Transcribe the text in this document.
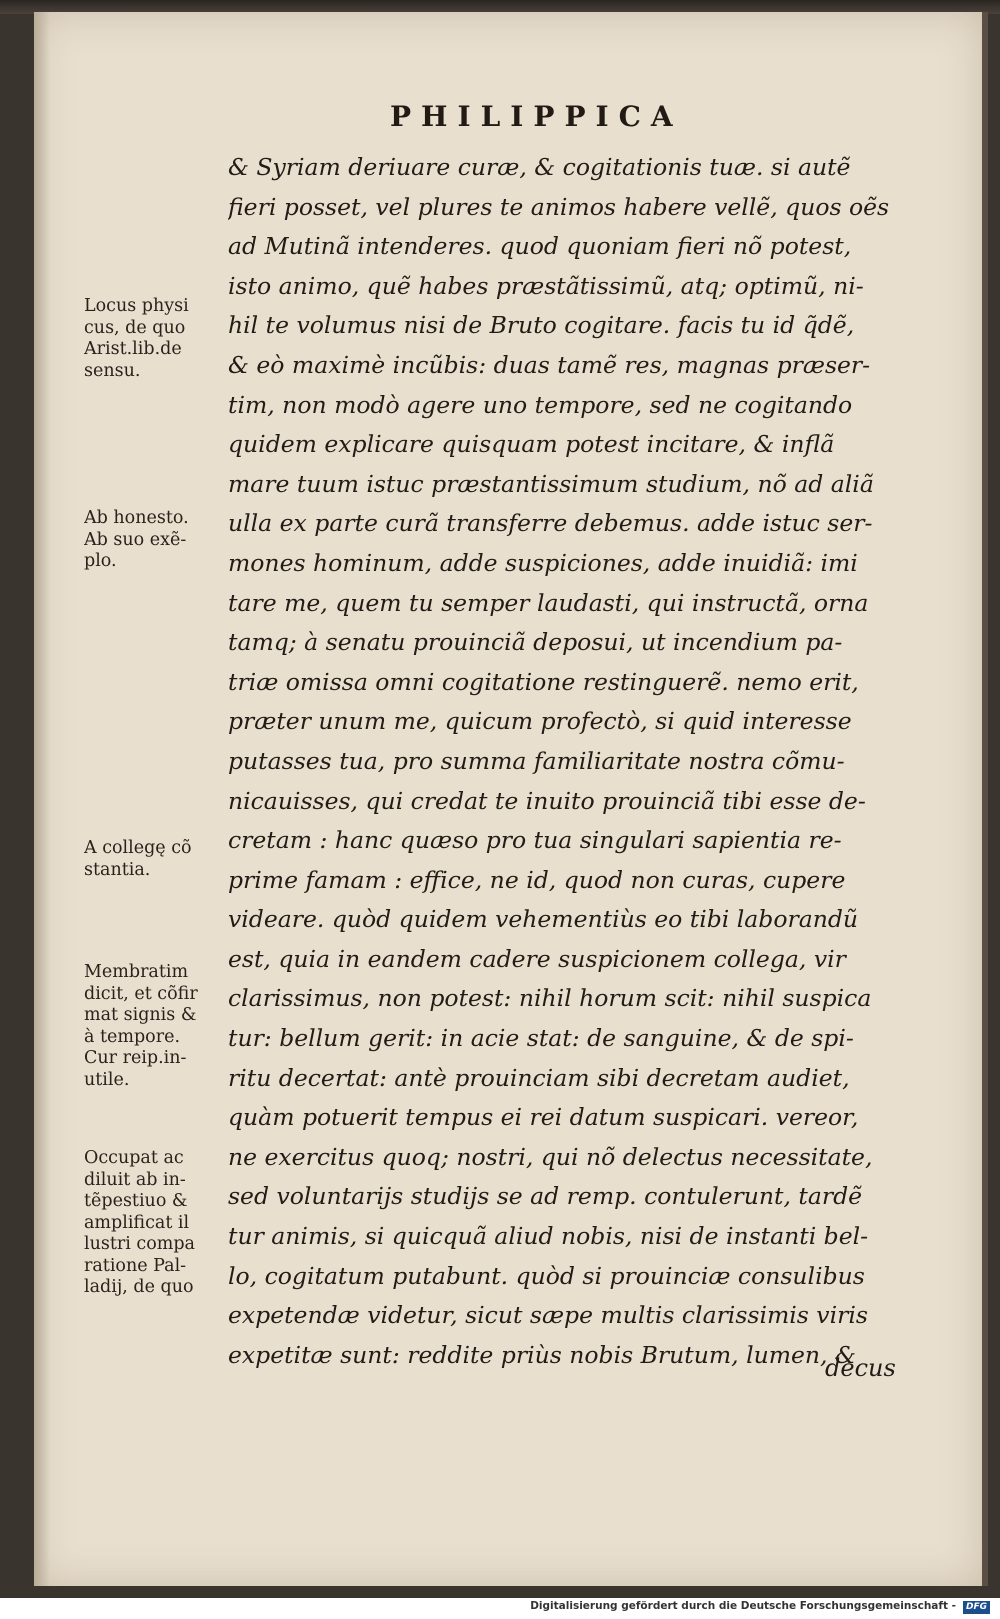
PHILIPPICA
& Syriam deriuare curæ, & cogitationis tuæ. si autẽ
fieri posset, vel plures te animos habere vellẽ, quos oẽs
ad Mutinã intenderes. quod quoniam fieri nõ potest,
isto animo, quẽ habes præstãtissimũ, atq; optimũ, ni-
hil te volumus nisi de Bruto cogitare. facis tu id q̃dẽ,
& eò maximè incũbis: duas tamẽ res, magnas præser-
tim, non modò agere uno tempore, sed ne cogitando
quidem explicare quisquam potest incitare, & inflã
mare tuum istuc præstantissimum studium, nõ ad aliã
ulla ex parte curã transferre debemus. adde istuc ser-
mones hominum, adde suspiciones, adde inuidiã: imi
tare me, quem tu semper laudasti, qui instructã, orna
tamq; à senatu prouinciã deposui, ut incendium pa-
triæ omissa omni cogitatione restinguerẽ. nemo erit,
præter unum me, quicum profectò, si quid interesse
putasses tua, pro summa familiaritate nostra cõmu-
nicauisses, qui credat te inuito prouinciã tibi esse de-
cretam : hanc quæso pro tua singulari sapientia re-
prime famam : effice, ne id, quod non curas, cupere
videare. quòd quidem vehementiùs eo tibi laborandũ
est, quia in eandem cadere suspicionem collega, vir
clarissimus, non potest: nihil horum scit: nihil suspica
tur: bellum gerit: in acie stat: de sanguine, & de spi-
ritu decertat: antè prouinciam sibi decretam audiet,
quàm potuerit tempus ei rei datum suspicari. vereor,
ne exercitus quoq; nostri, qui nõ delectus necessitate,
sed voluntarijs studijs se ad remp. contulerunt, tardẽ
tur animis, si quicquã aliud nobis, nisi de instanti bel-
lo, cogitatum putabunt. quòd si prouinciæ consulibus
expetendæ videtur, sicut sæpe multis clarissimis viris
expetitæ sunt: reddite priùs nobis Brutum, lumen, &
decus
Locus physi
cus, de quo
Arist.lib.de
sensu.
Ab honesto.
Ab suo exẽ-
plo.
A collegę cõ
stantia.
Membratim
dicit, et cõfir
mat signis &
à tempore.
Cur reip.in-
utile.
Occupat ac
diluit ab in-
tẽpestiuo &
amplificat il
lustri compa
ratione Pal-
ladij, de quo
Digitalisierung gefördert durch die Deutsche Forschungsgemeinschaft -	DFG
